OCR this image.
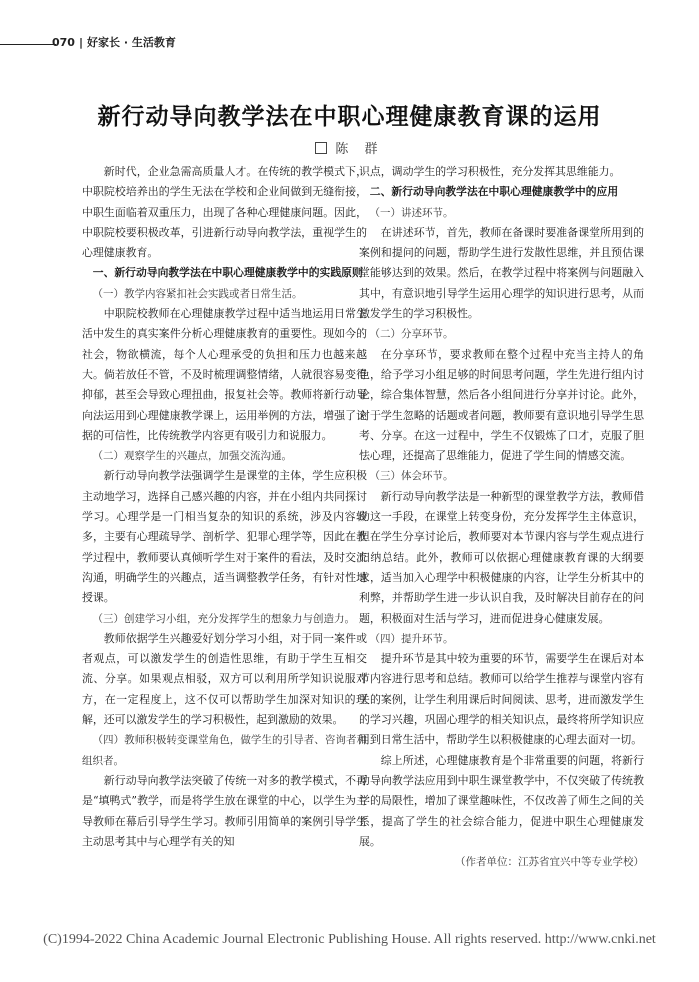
070 | 好家长 · 生活教育
新行动导向教学法在中职心理健康教育课的运用
陈 群

新时代，企业急需高质量人才。在传统的教学模式下，中职院校培养出的学生无法在学校和企业间做到无缝衔接，中职生面临着双重压力，出现了各种心理健康问题。因此，中职院校要积极改革，引进新行动导向教学法，重视学生的心理健康教育。

一、新行动导向教学法在中职心理健康教学中的实践原则

（一）教学内容紧扣社会实践或者日常生活。

中职院校教师在心理健康教学过程中适当地运用日常生活中发生的真实案件分析心理健康教育的重要性。现如今的社会，物欲横流，每个人心理承受的负担和压力也越来越大。倘若放任不管，不及时梳理调整情绪，人就很容易变得抑郁，甚至会导致心理扭曲，报复社会等。教师将新行动导向法运用到心理健康教学课上，运用举例的方法，增强了论据的可信性，比传统教学内容更有吸引力和说服力。

（二）观察学生的兴趣点，加强交流沟通。

新行动导向教学法强调学生是课堂的主体，学生应积极主动地学习，选择自己感兴趣的内容，并在小组内共同探讨学习。心理学是一门相当复杂的知识的系统，涉及内容较多，主要有心理疏导学、剖析学、犯罪心理学等，因此在教学过程中，教师要认真倾听学生对于案件的看法，及时交流沟通，明确学生的兴趣点，适当调整教学任务，有针对性地授课。

（三）创建学习小组，充分发挥学生的想象力与创造力。

教师依据学生兴趣爱好划分学习小组，对于同一案件或者观点，可以激发学生的创造性思维，有助于学生互相交流、分享。如果观点相驳，双方可以利用所学知识说服对方，在一定程度上，这不仅可以帮助学生加深对知识的理解，还可以激发学生的学习积极性，起到激励的效果。

（四）教师积极转变课堂角色，做学生的引导者、咨询者和组织者。

新行动导向教学法突破了传统一对多的教学模式，不再是“填鸭式”教学，而是将学生放在课堂的中心，以学生为主导教师在幕后引导学生学习。教师引用简单的案例引导学生主动思考其中与心理学有关的知

识点，调动学生的学习积极性，充分发挥其思维能力。

二、新行动导向教学法在中职心理健康教学中的应用

（一）讲述环节。

在讲述环节，首先，教师在备课时要准备课堂所用到的案例和提问的问题，帮助学生进行发散性思维，并且预估课堂能够达到的效果。然后，在教学过程中将案例与问题融入其中，有意识地引导学生运用心理学的知识进行思考，从而激发学生的学习积极性。

（二）分享环节。

在分享环节，要求教师在整个过程中充当主持人的角色，给予学习小组足够的时间思考问题，学生先进行组内讨论，综合集体智慧，然后各小组间进行分享并讨论。此外，对于学生忽略的话题或者问题，教师要有意识地引导学生思考、分享。在这一过程中，学生不仅锻炼了口才，克服了胆怯心理，还提高了思维能力，促进了学生间的情感交流。

（三）体会环节。

新行动导向教学法是一种新型的课堂教学方法，教师借助这一手段，在课堂上转变身份，充分发挥学生主体意识，但在学生分享讨论后，教师要对本节课内容与学生观点进行归纳总结。此外，教师可以依据心理健康教育课的大纲要求，适当加入心理学中积极健康的内容，让学生分析其中的利弊，并帮助学生进一步认识自我，及时解决目前存在的问题，积极面对生活与学习，进而促进身心健康发展。

（四）提升环节。

提升环节是其中较为重要的环节，需要学生在课后对本节内容进行思考和总结。教师可以给学生推荐与课堂内容有关的案例，让学生利用课后时间阅读、思考，进而激发学生的学习兴趣，巩固心理学的相关知识点，最终将所学知识应用到日常生活中，帮助学生以积极健康的心理去面对一切。

综上所述，心理健康教育是个非常重要的问题，将新行动导向教学法应用到中职生课堂教学中，不仅突破了传统教学的局限性，增加了课堂趣味性，不仅改善了师生之间的关系，提高了学生的社会综合能力，促进中职生心理健康发展。

（作者单位：江苏省宜兴中等专业学校）

(C)1994-2022 China Academic Journal Electronic Publishing House. All rights reserved. http://www.cnki.net
